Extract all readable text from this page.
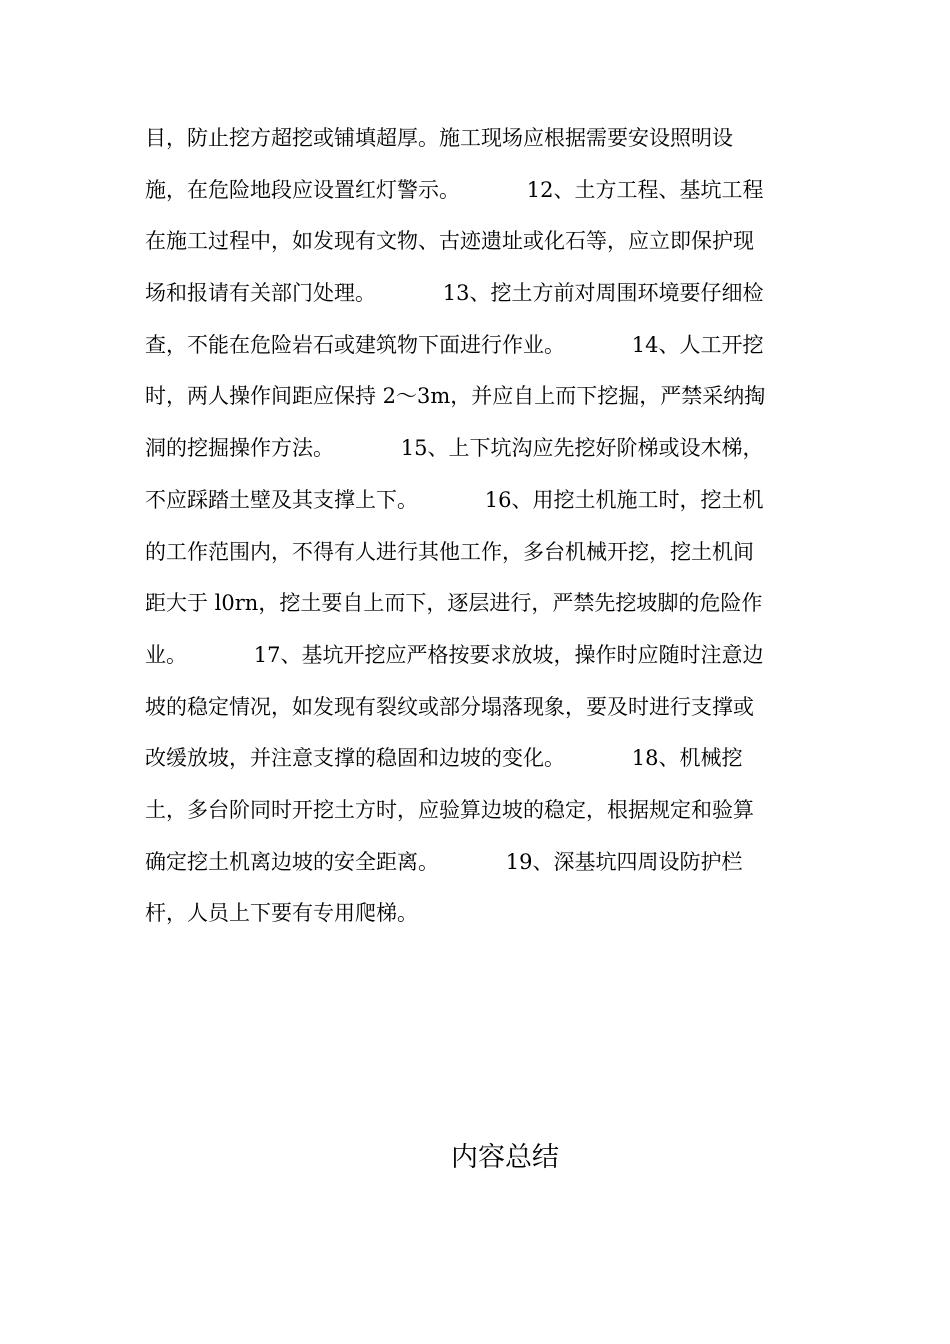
目，防止挖方超挖或铺填超厚。施工现场应根据需要安设照明设
施，在危险地段应设置红灯警示。          12、土方工程、基坑工程
在施工过程中，如发现有文物、古迹遗址或化石等，应立即保护现
场和报请有关部门处理。          13、挖土方前对周围环境要仔细检
查，不能在危险岩石或建筑物下面进行作业。          14、人工开挖
时，两人操作间距应保持 2～3m，并应自上而下挖掘，严禁采纳掏
洞的挖掘操作方法。          15、上下坑沟应先挖好阶梯或设木梯，
不应踩踏土壁及其支撑上下。          16、用挖土机施工时，挖土机
的工作范围内，不得有人进行其他工作，多台机械开挖，挖土机间
距大于 l0rn，挖土要自上而下，逐层进行，严禁先挖坡脚的危险作
业。          17、基坑开挖应严格按要求放坡，操作时应随时注意边
坡的稳定情况，如发现有裂纹或部分塌落现象，要及时进行支撑或
改缓放坡，并注意支撑的稳固和边坡的变化。          18、机械挖
土，多台阶同时开挖土方时，应验算边坡的稳定，根据规定和验算
确定挖土机离边坡的安全距离。          19、深基坑四周设防护栏
杆，人员上下要有专用爬梯。
内容总结
